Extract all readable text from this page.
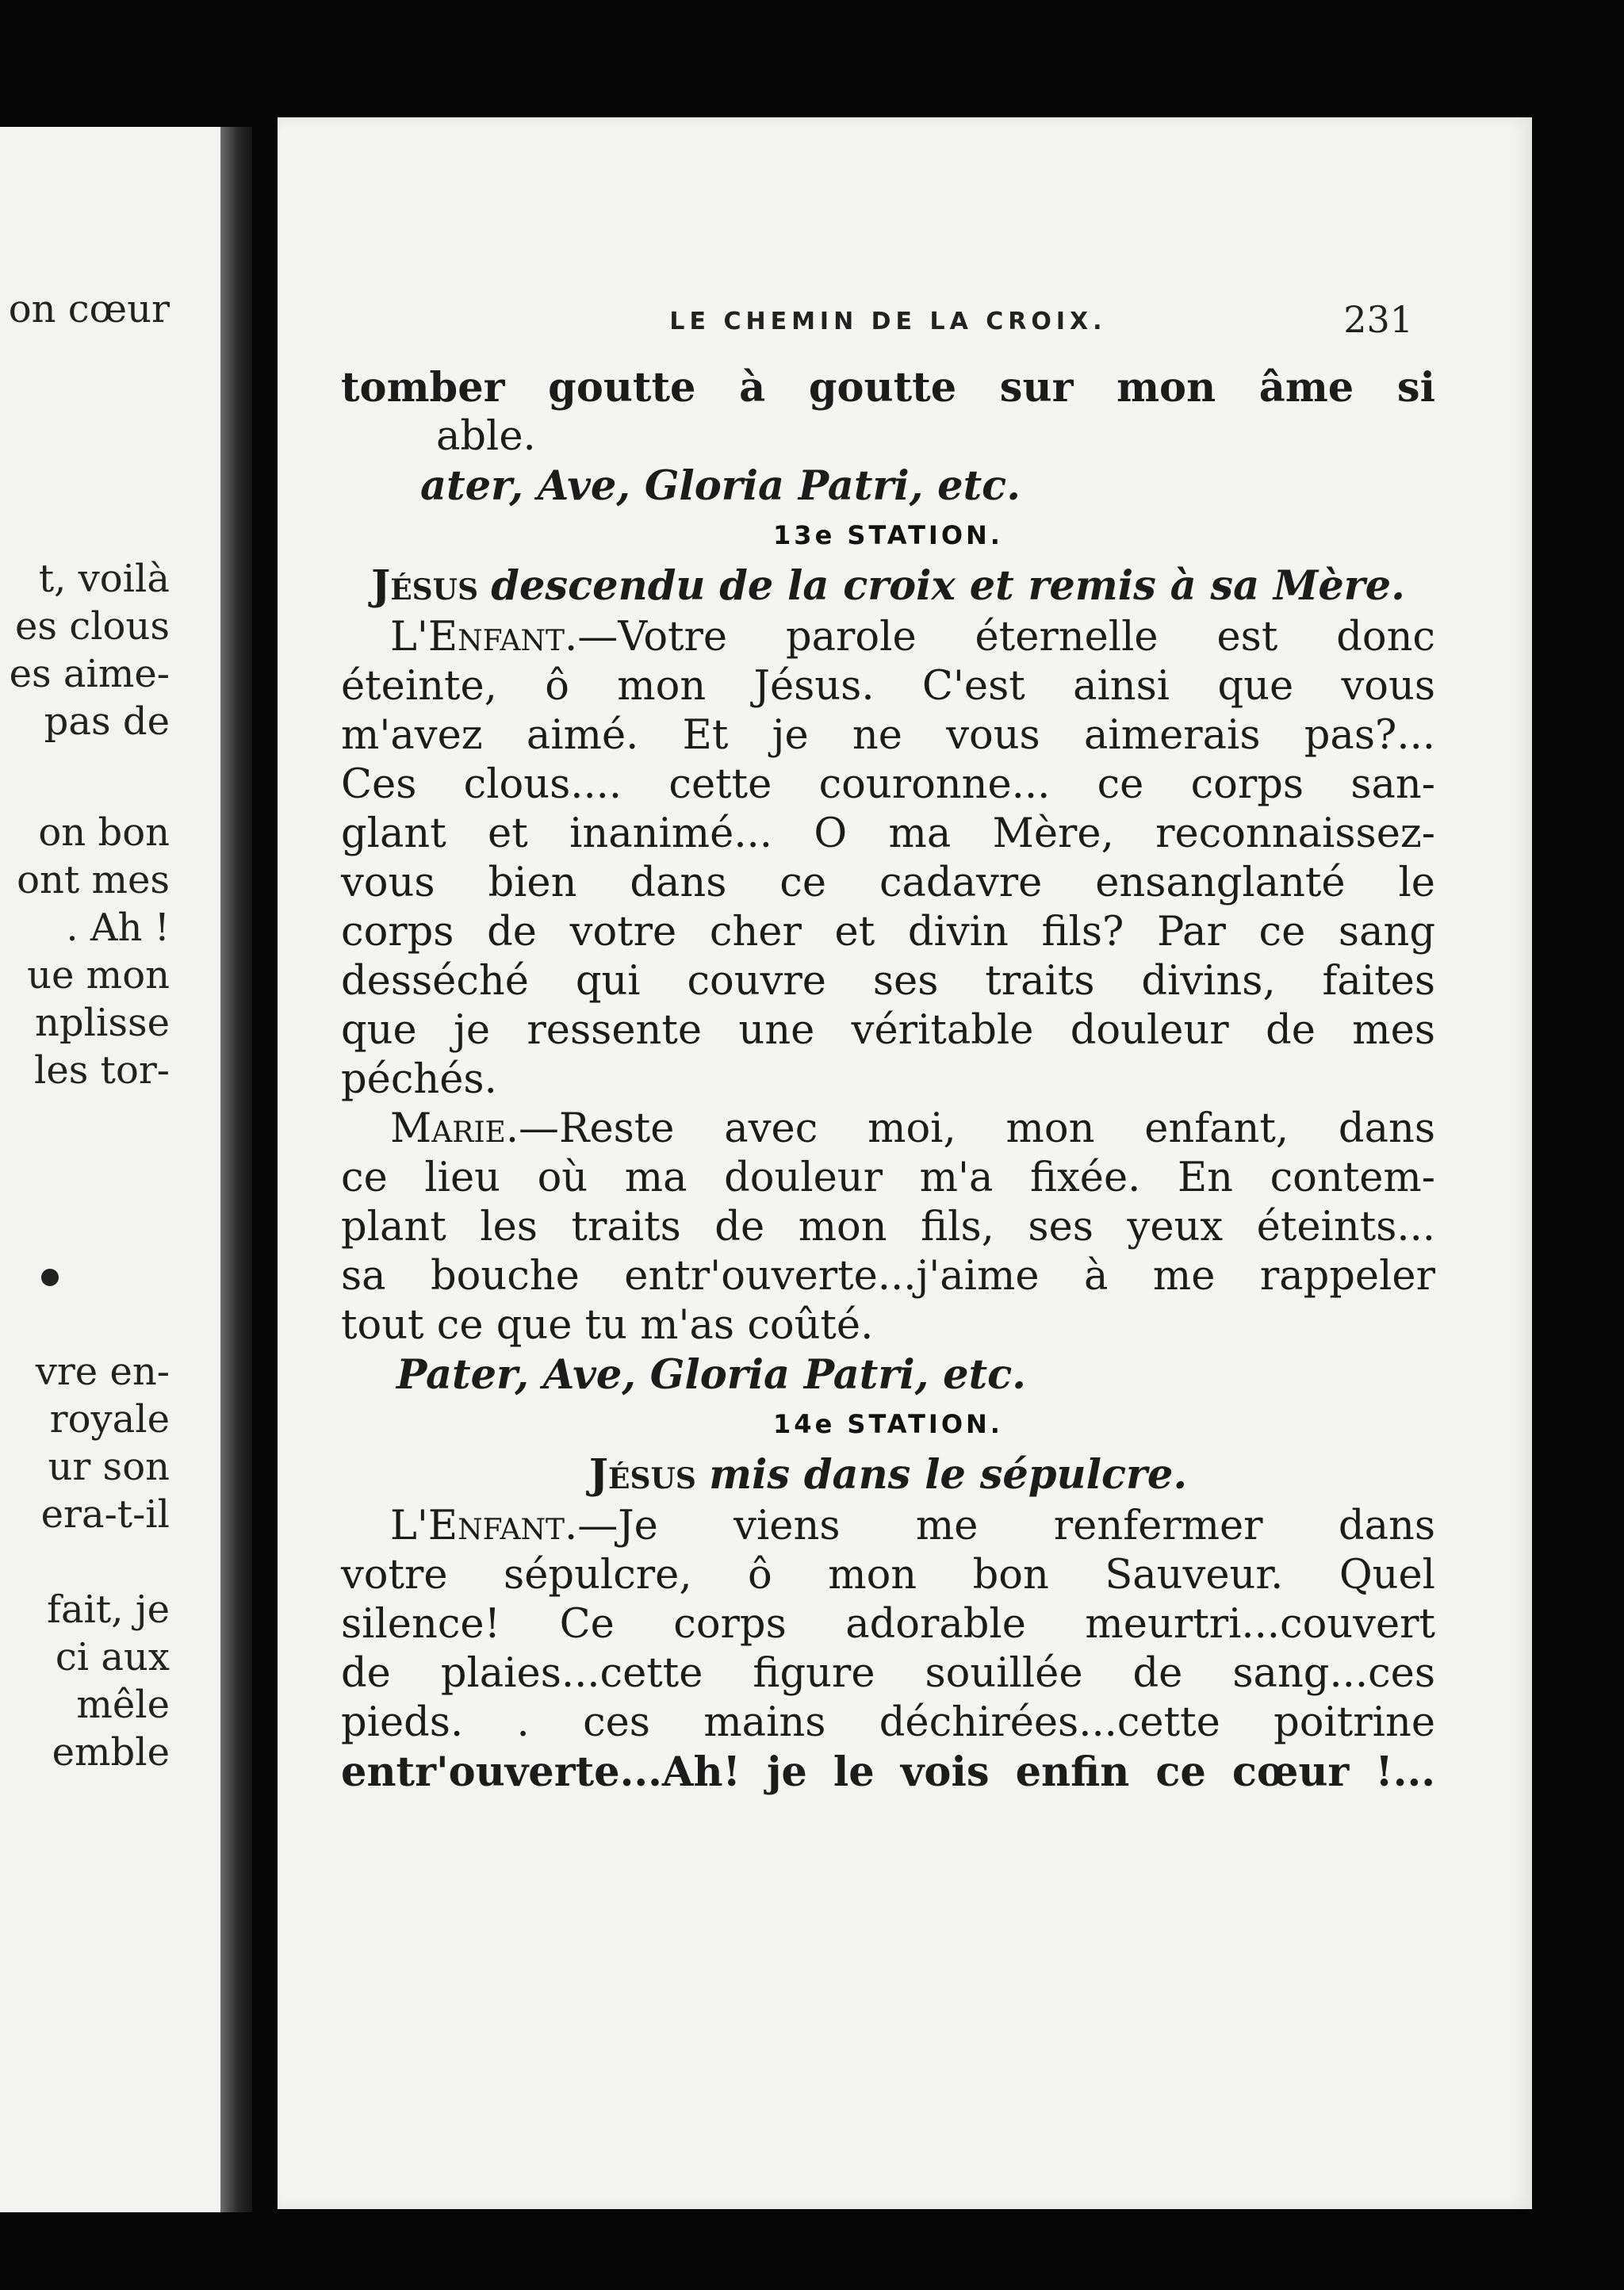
on cœur
t, voilà
es clous
es aime-
pas de
on bon
ont mes
. Ah !
ue mon
nplisse
les tor-
vre en-
royale
ur son
era-t-il
fait, je
ci aux
mêle
emble
LE CHEMIN DE LA CROIX.	231
tomber goutte à goutte sur mon âme si
able.
ater, Ave, Gloria Patri, etc.
13e STATION.
Jésus descendu de la croix et remis à sa Mère.
L'Enfant.—Votre parole éternelle est donc
éteinte, ô mon Jésus. C'est ainsi que vous
m'avez aimé. Et je ne vous aimerais pas?...
Ces clous.... cette couronne... ce corps san-
glant et inanimé... O ma Mère, reconnaissez-
vous bien dans ce cadavre ensanglanté le
corps de votre cher et divin fils? Par ce sang
desséché qui couvre ses traits divins, faites
que je ressente une véritable douleur de mes
péchés.
Marie.—Reste avec moi, mon enfant, dans
ce lieu où ma douleur m'a fixée. En contem-
plant les traits de mon fils, ses yeux éteints...
sa bouche entr'ouverte...j'aime à me rappeler
tout ce que tu m'as coûté.
Pater, Ave, Gloria Patri, etc.
14e STATION.
Jésus mis dans le sépulcre.
L'Enfant.—Je viens me renfermer dans
votre sépulcre, ô mon bon Sauveur. Quel
silence! Ce corps adorable meurtri...couvert
de plaies...cette figure souillée de sang...ces
pieds. . ces mains déchirées...cette poitrine
entr'ouverte...Ah! je le vois enfin ce cœur !...
